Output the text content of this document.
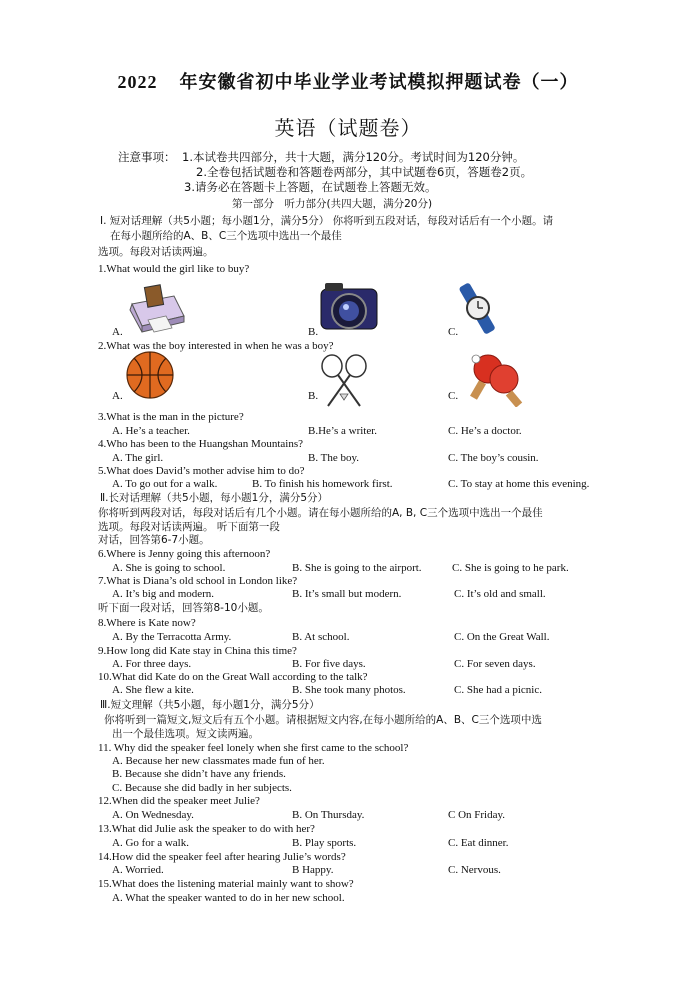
2022 年安徽省初中毕业学业考试模拟押题试卷（一）
英语（试题卷）
注意事项： 1.本试卷共四部分，共十大题，满分120分。考试时间为120分钟。
2.全卷包括试题卷和答题卷两部分，其中试题卷6页，答题卷2页。
3.请务必在答题卡上答题，在试题卷上答题无效。
第一部分　听力部分(共四大题，满分20分)
I. 短对话理解（共5小题；每小题1分，满分5分） 你将听到五段对话，每段对话后有一个小题。请
在每小题所给的A、B、C三个选项中选出一个最佳
选项。每段对话读两遍。
1.What would the girl like to buy?
A.	B.	C.
2.What was the boy interested in when he was a boy?
A.	B.	C.
3.What is the man in the picture?
A. He’s a teacher.	B.He’s a writer.	C. He’s a doctor.
4.Who has been to the Huangshan Mountains?
A. The girl.	B. The boy.	C. The boy’s cousin.
5.What does David’s mother advise him to do?
A. To go out for a walk.	B. To finish his homework first.	C. To stay at home this evening.
Ⅱ.长对话理解（共5小题，每小题1分，满分5分）
你将听到两段对话，每段对话后有几个小题。请在每小题所给的A, B, C三个选项中选出一个最佳
选项。每段对话读两遍。 听下面第一段
对话，回答第6-7小题。
6.Where is Jenny going this afternoon?
A. She is going to school.	B. She is going to the airport.	C. She is going to he park.
7.What is Diana’s old school in London like?
A. It’s big and modern.	B. It’s small but modern.	C. It’s old and small.
听下面一段对话，回答第8-10小题。
8.Where is Kate now?
A. By the Terracotta Army.	B. At school.	C. On the Great Wall.
9.How long did Kate stay in China this time?
A. For three days.	B. For five days.	C. For seven days.
10.What did Kate do on the Great Wall according to the talk?
A. She flew a kite.	B. She took many photos.	C. She had a picnic.
Ⅲ.短文理解（共5小题，每小题1分，满分5分）
你将听到一篇短文,短文后有五个小题。请根据短文内容,在每小题所给的A、B、C三个选项中选
出一个最佳选项。短文读两遍。
11. Why did the speaker feel lonely when she first came to the school?
A. Because her new classmates made fun of her.
B. Because she didn’t have any friends.
C. Because she did badly in her subjects.
12.When did the speaker meet Julie?
A. On Wednesday.	B. On Thursday.	C On Friday.
13.What did Julie ask the speaker to do with her?
A. Go for a walk.	B. Play sports.	C. Eat dinner.
14.How did the speaker feel after hearing Julie’s words?
A. Worried.	B Happy.	C. Nervous.
15.What does the listening material mainly want to show?
A. What the speaker wanted to do in her new school.
